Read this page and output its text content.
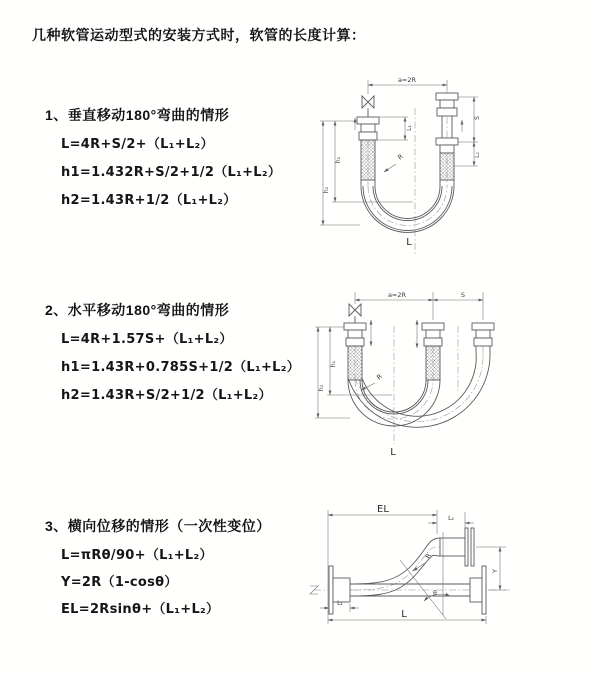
几种软管运动型式的安装方式时，软管的长度计算：
1、垂直移动180°弯曲的情形
L=4R+S/2+（L₁+L₂）
h1=1.432R+S/2+1/2（L₁+L₂）
h2=1.43R+1/2（L₁+L₂）
2、水平移动180°弯曲的情形
L=4R+1.57S+（L₁+L₂）
h1=1.43R+0.785S+1/2（L₁+L₂）
h2=1.43R+S/2+1/2（L₁+L₂）
3、横向位移的情形（一次性变位）
L=πRθ/90+（L₁+L₂）
Y=2R（1-cosθ）
EL=2Rsinθ+（L₁+L₂）
a=2R
h₁
h₂
L₁
S
L₂
R
L
a=2R	S
h₁
h₂
R
L
θ
R
EL
L₂
Y
L₁
L
